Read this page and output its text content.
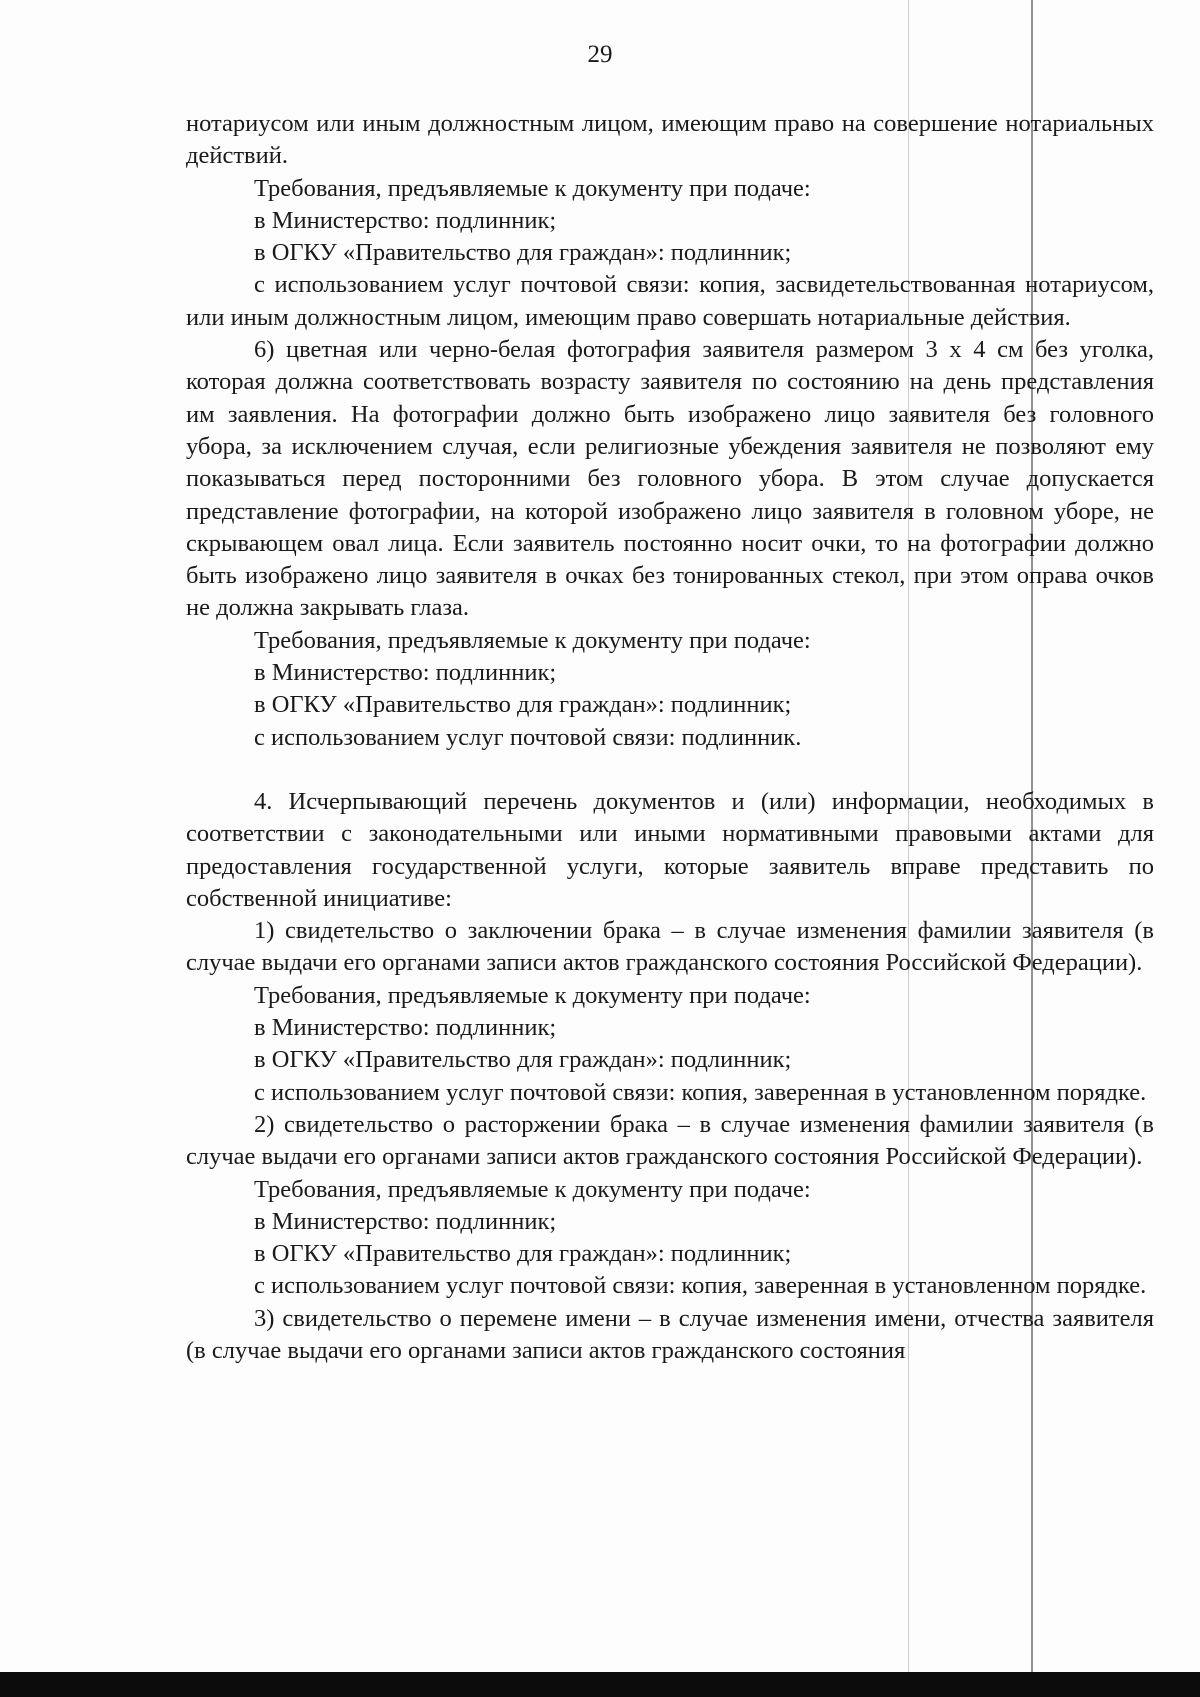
29

нотариусом или иным должностным лицом, имеющим право на совершение нотариальных действий.

Требования, предъявляемые к документу при подаче:

в Министерство: подлинник;

в ОГКУ «Правительство для граждан»: подлинник;

с использованием услуг почтовой связи: копия, засвидетельствованная нотариусом, или иным должностным лицом, имеющим право совершать нотариальные действия.

6) цветная или черно-белая фотография заявителя размером 3 х 4 см без уголка, которая должна соответствовать возрасту заявителя по состоянию на день представления им заявления. На фотографии должно быть изображено лицо заявителя без головного убора, за исключением случая, если религиозные убеждения заявителя не позволяют ему показываться перед посторонними без головного убора. В этом случае допускается представление фотографии, на которой изображено лицо заявителя в головном уборе, не скрывающем овал лица. Если заявитель постоянно носит очки, то на фотографии должно быть изображено лицо заявителя в очках без тонированных стекол, при этом оправа очков не должна закрывать глаза.

Требования, предъявляемые к документу при подаче:

в Министерство: подлинник;

в ОГКУ «Правительство для граждан»: подлинник;

с использованием услуг почтовой связи: подлинник.

4. Исчерпывающий перечень документов и (или) информации, необходимых в соответствии с законодательными или иными нормативными правовыми актами для предоставления государственной услуги, которые заявитель вправе представить по собственной инициативе:

1) свидетельство о заключении брака – в случае изменения фамилии заявителя (в случае выдачи его органами записи актов гражданского состояния Российской Федерации).

Требования, предъявляемые к документу при подаче:

в Министерство: подлинник;

в ОГКУ «Правительство для граждан»: подлинник;

с использованием услуг почтовой связи: копия, заверенная в установленном порядке.

2) свидетельство о расторжении брака – в случае изменения фамилии заявителя (в случае выдачи его органами записи актов гражданского состояния Российской Федерации).

Требования, предъявляемые к документу при подаче:

в Министерство: подлинник;

в ОГКУ «Правительство для граждан»: подлинник;

с использованием услуг почтовой связи: копия, заверенная в установленном порядке.

3) свидетельство о перемене имени – в случае изменения имени, отчества заявителя (в случае выдачи его органами записи актов гражданского состояния
